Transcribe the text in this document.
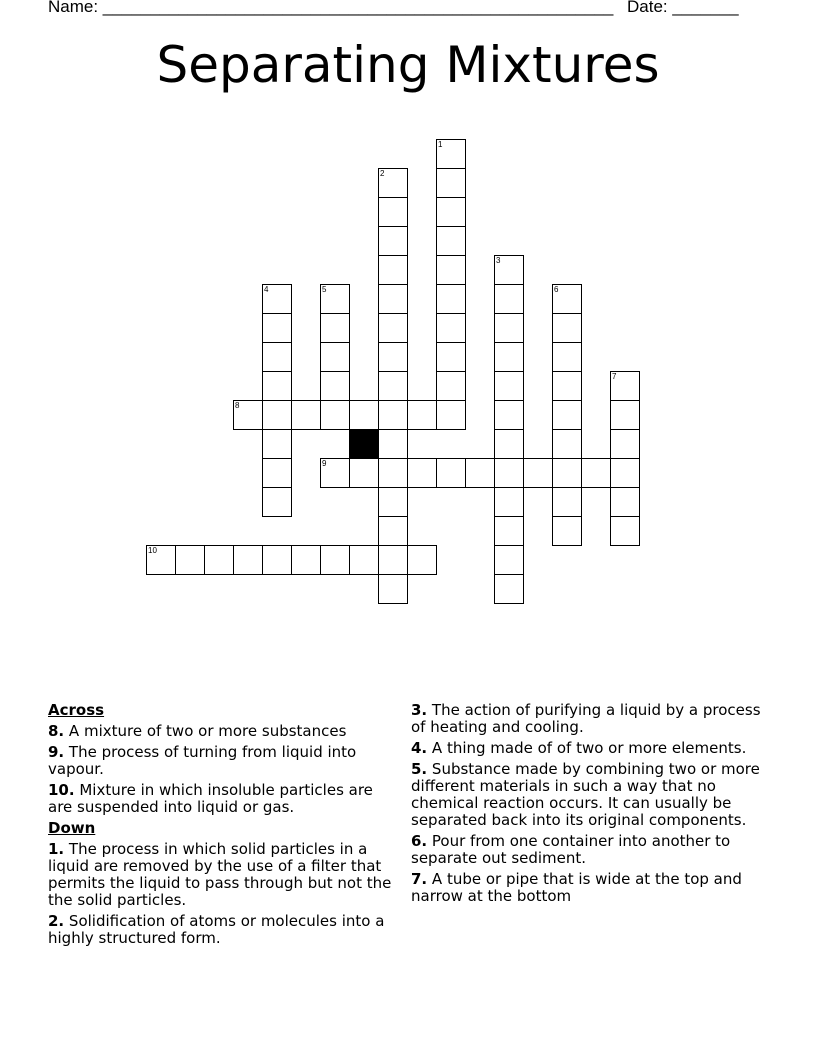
Name: ______________________________________________________ Date: _______
Separating Mixtures
1
2
3
4	5	6
7
8
9
10
Across
8. A mixture of two or more substances
9. The process of turning from liquid into vapour.
10. Mixture in which insoluble particles are are suspended into liquid or gas.
Down
1. The process in which solid particles in a liquid are removed by the use of a filter that permits the liquid to pass through but not the the solid particles.
2. Solidification of atoms or molecules into a highly structured form.
3. The action of purifying a liquid by a process of heating and cooling.
4. A thing made of of two or more elements.
5. Substance made by combining two or more different materials in such a way that no chemical reaction occurs. It can usually be separated back into its original components.
6. Pour from one container into another to separate out sediment.
7. A tube or pipe that is wide at the top and narrow at the bottom
